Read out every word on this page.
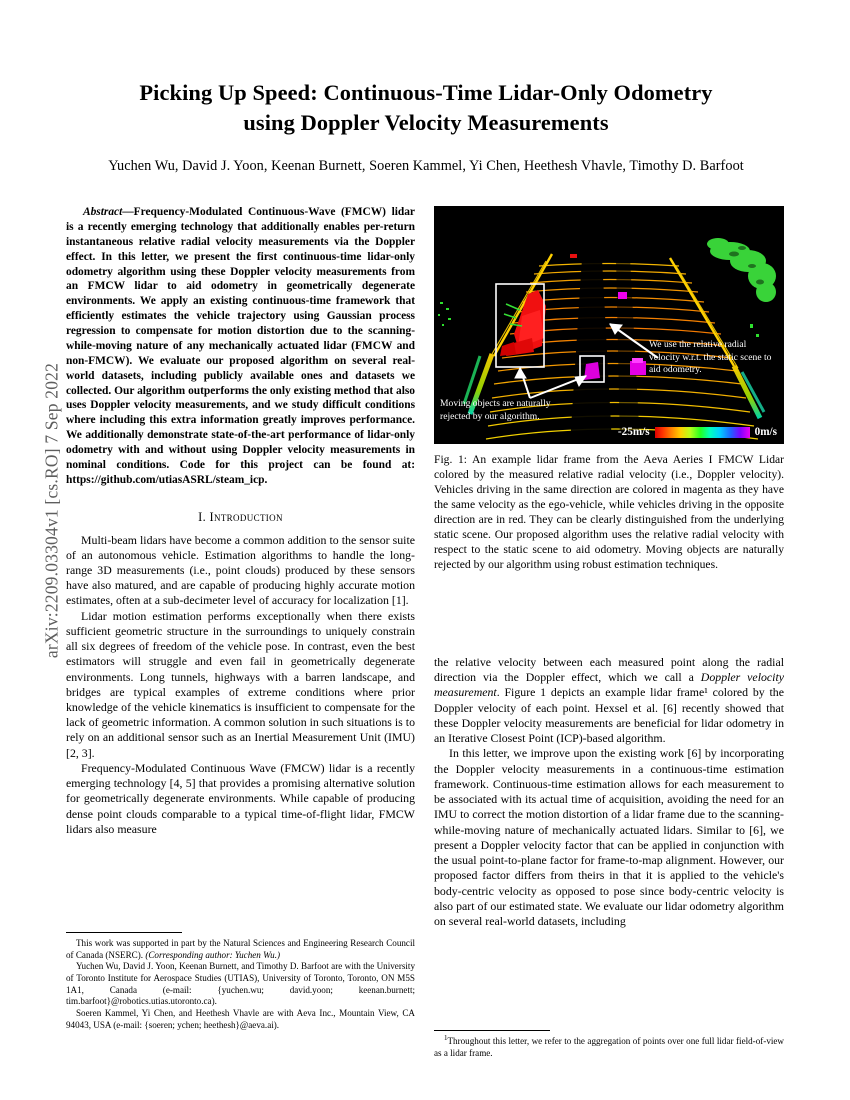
arXiv:2209.03304v1 [cs.RO] 7 Sep 2022
Picking Up Speed: Continuous-Time Lidar-Only Odometry
using Doppler Velocity Measurements
Yuchen Wu, David J. Yoon, Keenan Burnett, Soeren Kammel, Yi Chen, Heethesh Vhavle, Timothy D. Barfoot

Abstract—Frequency-Modulated Continuous-Wave (FMCW) lidar is a recently emerging technology that additionally enables per-return instantaneous relative radial velocity measurements via the Doppler effect. In this letter, we present the first continuous-time lidar-only odometry algorithm using these Doppler velocity measurements from an FMCW lidar to aid odometry in geometrically degenerate environments. We apply an existing continuous-time framework that efficiently estimates the vehicle trajectory using Gaussian process regression to compensate for motion distortion due to the scanning-while-moving nature of any mechanically actuated lidar (FMCW and non-FMCW). We evaluate our proposed algorithm on several real-world datasets, including publicly available ones and datasets we collected. Our algorithm outperforms the only existing method that also uses Doppler velocity measurements, and we study difficult conditions where including this extra information greatly improves performance. We additionally demonstrate state-of-the-art performance of lidar-only odometry with and without using Doppler velocity measurements in nominal conditions. Code for this project can be found at: https://github.com/utiasASRL/steam_icp.

I. Introduction

Multi-beam lidars have become a common addition to the sensor suite of an autonomous vehicle. Estimation algorithms to handle the long-range 3D measurements (i.e., point clouds) produced by these sensors have also matured, and are capable of producing highly accurate motion estimates, often at a sub-decimeter level of accuracy for localization [1].

Lidar motion estimation performs exceptionally when there exists sufficient geometric structure in the surroundings to uniquely constrain all six degrees of freedom of the vehicle pose. In contrast, even the best estimators will struggle and even fail in geometrically degenerate environments. Long tunnels, highways with a barren landscape, and bridges are typical examples of extreme conditions where prior knowledge of the vehicle kinematics is insufficient to compensate for the lack of geometric information. A common solution in such situations is to rely on an additional sensor such as an Inertial Measurement Unit (IMU) [2, 3].

Frequency-Modulated Continuous Wave (FMCW) lidar is a recently emerging technology [4, 5] that provides a promising alternative solution for geometrically degenerate environments. While capable of producing dense point clouds comparable to a typical time-of-flight lidar, FMCW lidars also measure

We use the relative radial velocity w.r.t. the static scene to aid odometry.
Moving objects are naturally rejected by our algorithm.
-25m/s	0m/s

Fig. 1: An example lidar frame from the Aeva Aeries I FMCW Lidar colored by the measured relative radial velocity (i.e., Doppler velocity). Vehicles driving in the same direction are colored in magenta as they have the same velocity as the ego-vehicle, while vehicles driving in the opposite direction are in red. They can be clearly distinguished from the underlying static scene. Our proposed algorithm uses the relative radial velocity with respect to the static scene to aid odometry. Moving objects are naturally rejected by our algorithm using robust estimation techniques.

the relative velocity between each measured point along the radial direction via the Doppler effect, which we call a Doppler velocity measurement. Figure 1 depicts an example lidar frame¹ colored by the Doppler velocity of each point. Hexsel et al. [6] recently showed that these Doppler velocity measurements are beneficial for lidar odometry in an Iterative Closest Point (ICP)-based algorithm.

In this letter, we improve upon the existing work [6] by incorporating the Doppler velocity measurements in a continuous-time estimation framework. Continuous-time estimation allows for each measurement to be associated with its actual time of acquisition, avoiding the need for an IMU to correct the motion distortion of a lidar frame due to the scanning-while-moving nature of mechanically actuated lidars. Similar to [6], we present a Doppler velocity factor that can be applied in conjunction with the usual point-to-plane factor for frame-to-map alignment. However, our proposed factor differs from theirs in that it is applied to the vehicle's body-centric velocity as opposed to pose since body-centric velocity is also part of our estimated state. We evaluate our lidar odometry algorithm on several real-world datasets, including

This work was supported in part by the Natural Sciences and Engineering Research Council of Canada (NSERC). (Corresponding author: Yuchen Wu.)

Yuchen Wu, David J. Yoon, Keenan Burnett, and Timothy D. Barfoot are with the University of Toronto Institute for Aerospace Studies (UTIAS), University of Toronto, Toronto, ON M5S 1A1, Canada (e-mail: {yuchen.wu; david.yoon; keenan.burnett; tim.barfoot}@robotics.utias.utoronto.ca).

Soeren Kammel, Yi Chen, and Heethesh Vhavle are with Aeva Inc., Mountain View, CA 94043, USA (e-mail: {soeren; ychen; heethesh}@aeva.ai).

$^1$Throughout this letter, we refer to the aggregation of points over one full lidar field-of-view as a lidar frame.
